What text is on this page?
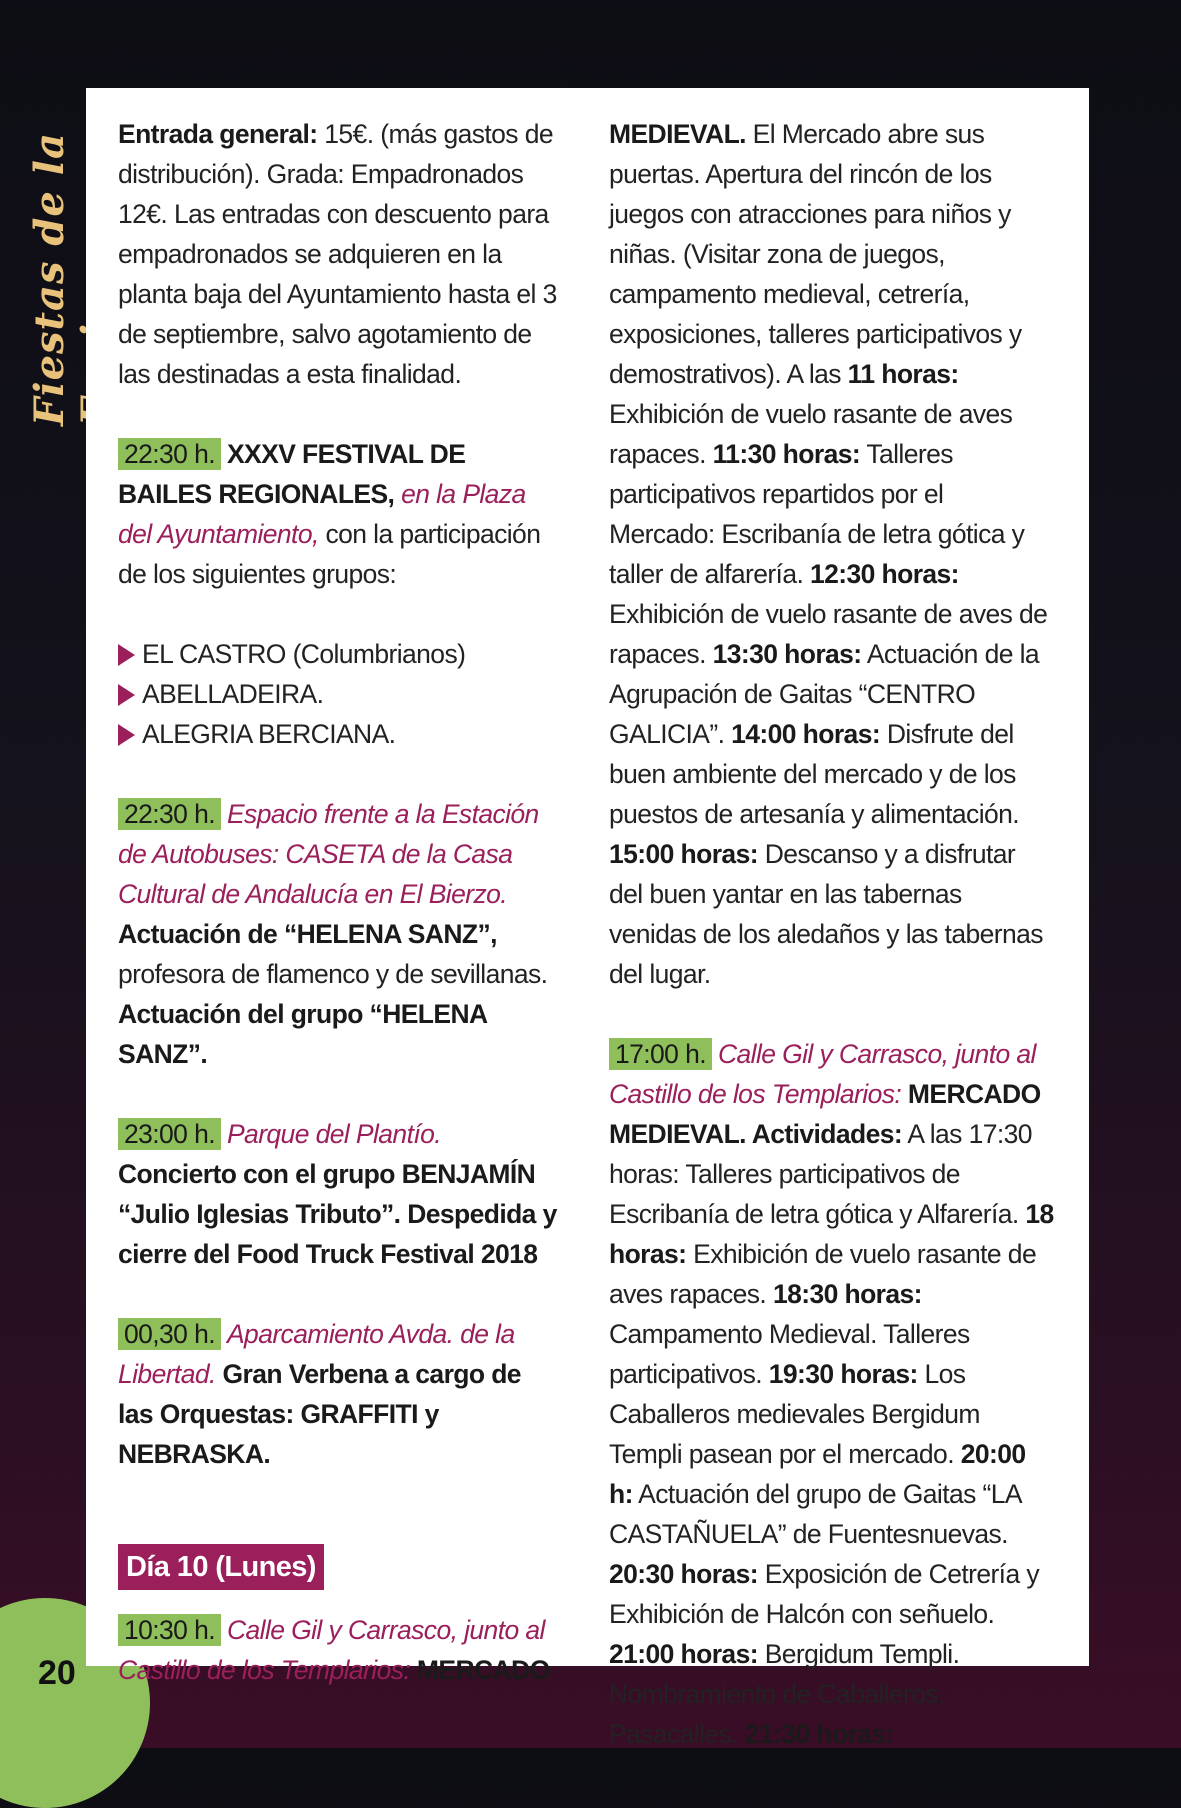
Fiestas de la
20

Entrada general: 15€. (más gastos de distribución). Grada: Empadronados 12€. Las entradas con descuento para empadronados se adquieren en la planta baja del Ayuntamiento hasta el 3 de septiembre, salvo agotamiento de las destinadas a esta finalidad.

22:30 h. XXXV FESTIVAL DE BAILES REGIONALES, en la Plaza del Ayuntamiento, con la participación de los siguientes grupos:

EL CASTRO (Columbrianos)
ABELLADEIRA.
ALEGRIA BERCIANA.

22:30 h. Espacio frente a la Estación de Autobuses: CASETA de la Casa Cultural de Andalucía en El Bierzo. Actuación de “HELENA SANZ”, profesora de flamenco y de sevillanas. Actuación del grupo “HELENA SANZ”.

23:00 h. Parque del Plantío. Concierto con el grupo BENJAMÍN “Julio Iglesias Tributo”. Despedida y cierre del Food Truck Festival 2018

00,30 h. Aparcamiento Avda. de la Libertad. Gran Verbena a cargo de las Orquestas: GRAFFITI y NEBRASKA.

Día 10 (Lunes)

10:30 h. Calle Gil y Carrasco, junto al Castillo de los Templarios: MERCADO

MEDIEVAL. El Mercado abre sus puertas. Apertura del rincón de los juegos con atracciones para niños y niñas. (Visitar zona de juegos, campamento medieval, cetrería, exposiciones, talleres participativos y demostrativos). A las 11 horas: Exhibición de vuelo rasante de aves rapaces. 11:30 horas: Talleres participativos repartidos por el Mercado: Escribanía de letra gótica y taller de alfarería. 12:30 horas: Exhibición de vuelo rasante de aves de rapaces. 13:30 horas: Actuación de la Agrupación de Gaitas “CENTRO GALICIA”. 14:00 horas: Disfrute del buen ambiente del mercado y de los puestos de artesanía y alimentación. 15:00 horas: Descanso y a disfrutar del buen yantar en las tabernas venidas de los aledaños y las tabernas del lugar.

17:00 h. Calle Gil y Carrasco, junto al Castillo de los Templarios: MERCADO MEDIEVAL. Actividades: A las 17:30 horas: Talleres participativos de Escribanía de letra gótica y Alfarería. 18 horas: Exhibición de vuelo rasante de aves rapaces. 18:30 horas: Campamento Medieval. Talleres participativos. 19:30 horas: Los Caballeros medievales Bergidum Templi pasean por el mercado. 20:00 h: Actuación del grupo de Gaitas “LA CASTAÑUELA” de Fuentesnuevas. 20:30 horas: Exposición de Cetrería y Exhibición de Halcón con señuelo. 21:00 horas: Bergidum Templi. Nombramiento de Caballeros. Pasacalles. 21:30 horas:
